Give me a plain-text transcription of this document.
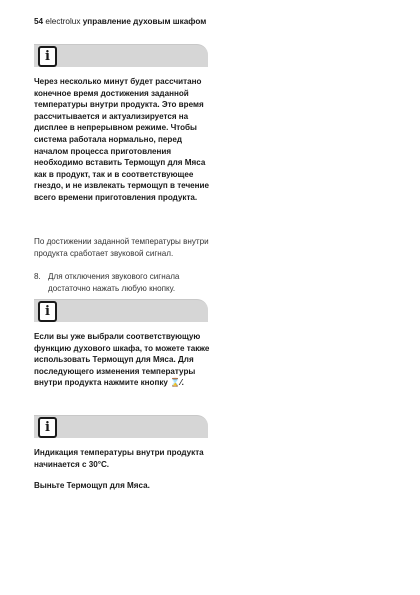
54 electrolux управление духовым шкафом
i

Через несколько минут будет рассчитано конечное время достижения заданной температуры внутри продукта. Это время рассчитывается и актуализируется на дисплее в непрерывном режиме. Чтобы система работала нормально, перед началом процесса приготовления необходимо вставить Термощуп для Мяса как в продукт, так и в соответствующее гнездо, и не извлекать термощуп в течение всего времени приготовления продукта.

По достижении заданной температуры внутри продукта сработает звуковой сигнал.

8. Для отключения звукового сигнала достаточно нажать любую кнопку.
i

Если вы уже выбрали соответствующую функцию духового шкафа, то можете также использовать Термощуп для Мяса. Для последующего изменения температуры внутри продукта нажмите кнопку ⌛⁄.

i

Индикация температуры внутри продукта начинается с 30°C.

Выньте Термощуп для Мяса.
